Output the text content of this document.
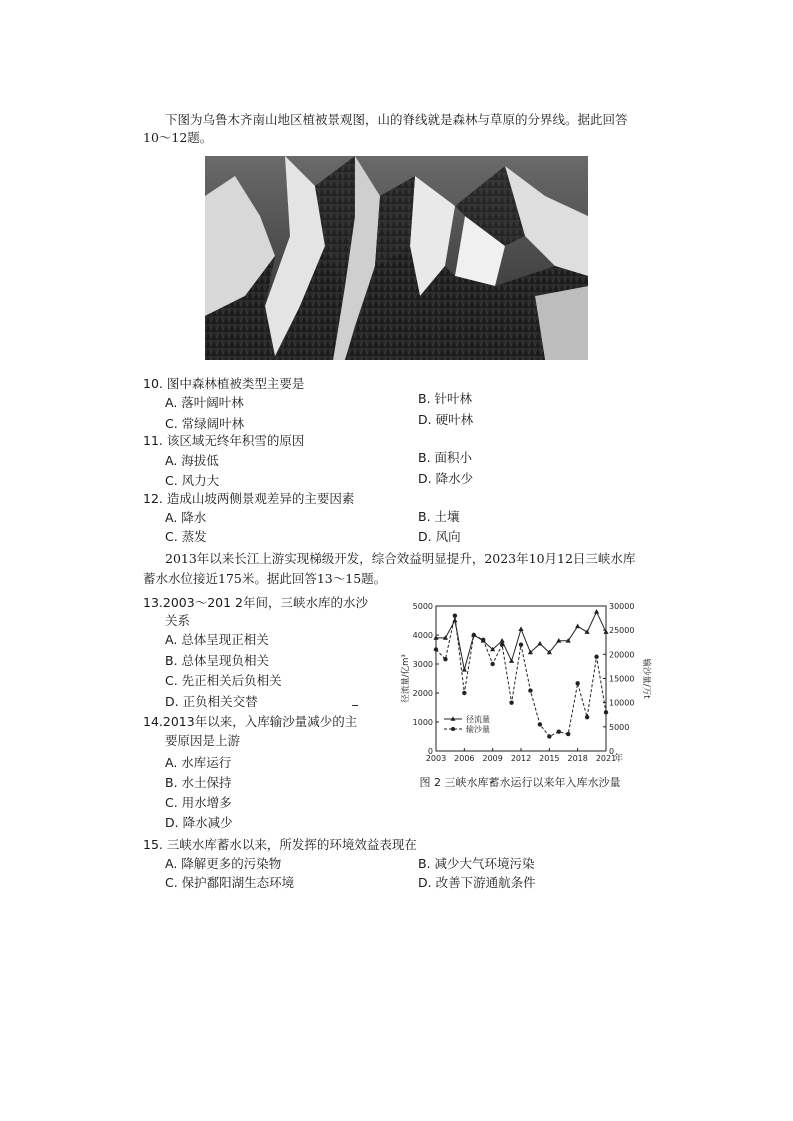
下图为乌鲁木齐南山地区植被景观图，山的脊线就是森林与草原的分界线。据此回答
10～12题。
10. 图中森林植被类型主要是
A. 落叶阔叶林	B. 针叶林
C. 常绿阔叶林	D. 硬叶林
11. 该区域无终年积雪的原因
A. 海拔低	B. 面积小
C. 风力大	D. 降水少
12. 造成山坡两侧景观差异的主要因素
A. 降水	B. 土壤
C. 蒸发	D. 风向
2013年以来长江上游实现梯级开发，综合效益明显提升，2023年10月12日三峡水库
蓄水水位接近175米。据此回答13～15题。
13.2003～201 2年间，三峡水库的水沙
关系
A. 总体呈现正相关
B. 总体呈现负相关
C. 先正相关后负相关
D. 正负相关交替
14.2013年以来，入库输沙量减少的主
要原因是上游
A. 水库运行
B. 水土保持
C. 用水增多
D. 降水减少
15. 三峡水库蓄水以来，所发挥的环境效益表现在
A. 降解更多的污染物	B. 减少大气环境污染
C. 保护鄱阳湖生态环境	D. 改善下游通航条件
径流量/亿m³	输沙量/万t
0
1000
2000
3000
4000
5000
0
5000
10000
15000
20000
25000
30000
2003 2006 2009 2012 2015 2018 2021
年
径流量
输沙量
图 2 三峡水库蓄水运行以来年入库水沙量
